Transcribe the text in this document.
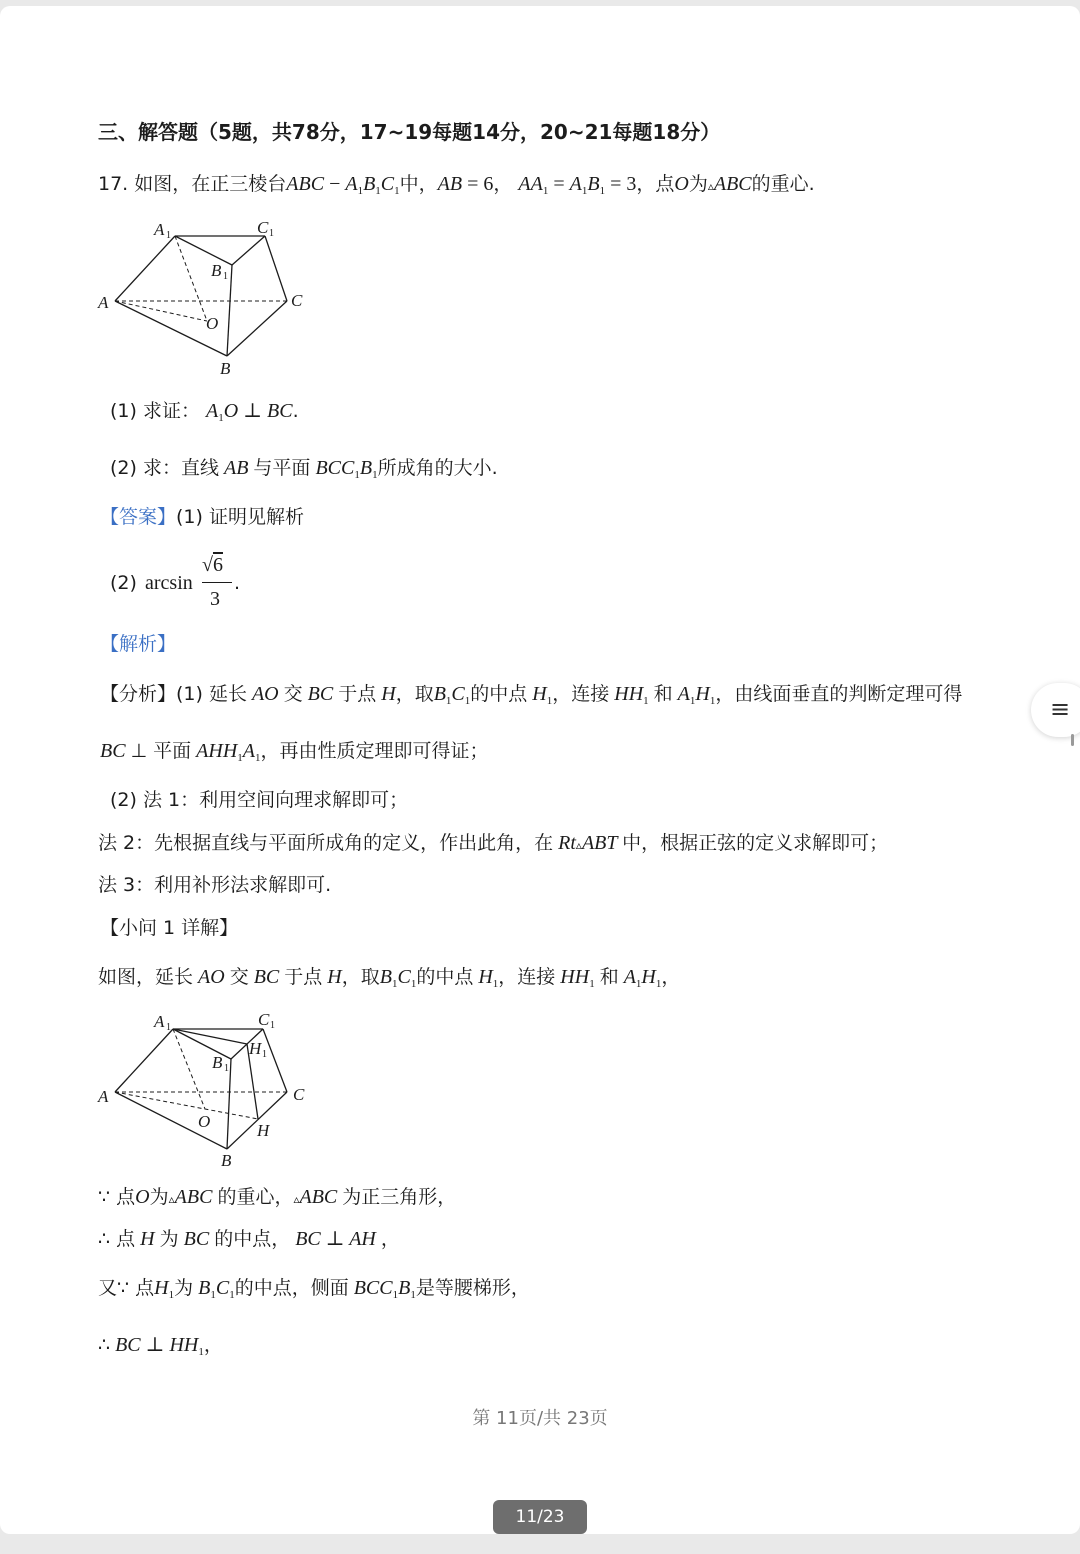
三、解答题（5题，共78分，17~19每题14分，20~21每题18分）
17. 如图，在正三棱台ABC − $A_1B_1C_1$中，AB = 6， $AA_1 = A_1B_1 = 3$，点O为▵ABC的重心.
A 1	C 1
B 1
A	C
O
B
(1) 求证： $A_1O$ ⊥ BC.
(2) 求：直线 AB 与平面 $BCC_1B_1$所成角的大小.
【答案】(1) 证明见解析
(2) arcsin
√6
3
.
【解析】
【分析】(1) 延长 AO 交 BC 于点 H，取$B_1C_1$的中点 $H_1$，连接 $HH_1$ 和 $A_1H_1$，由线面垂直的判断定理可得
BC ⊥ 平面 $AHH_1A_1$，再由性质定理即可得证；
(2) 法 1：利用空间向理求解即可；
法 2：先根据直线与平面所成角的定义，作出此角，在 Rt▵ABT 中，根据正弦的定义求解即可；
法 3：利用补形法求解即可.
【小问 1 详解】
如图，延长 AO 交 BC 于点 H，取$B_1C_1$的中点 $H_1$，连接 $HH_1$ 和 $A_1H_1$，
A 1	C 1
H 1
B 1
A	C
O	H
B
∵ 点O为▵ABC 的重心，▵ABC 为正三角形，
∴ 点 H 为 BC 的中点， BC ⊥ AH ，
又∵ 点$H_1$为 $B_1C_1$的中点，侧面 $BCC_1B_1$是等腰梯形，
∴ BC ⊥ $HH_1$，
第 11页/共 23页
≡
11/23
